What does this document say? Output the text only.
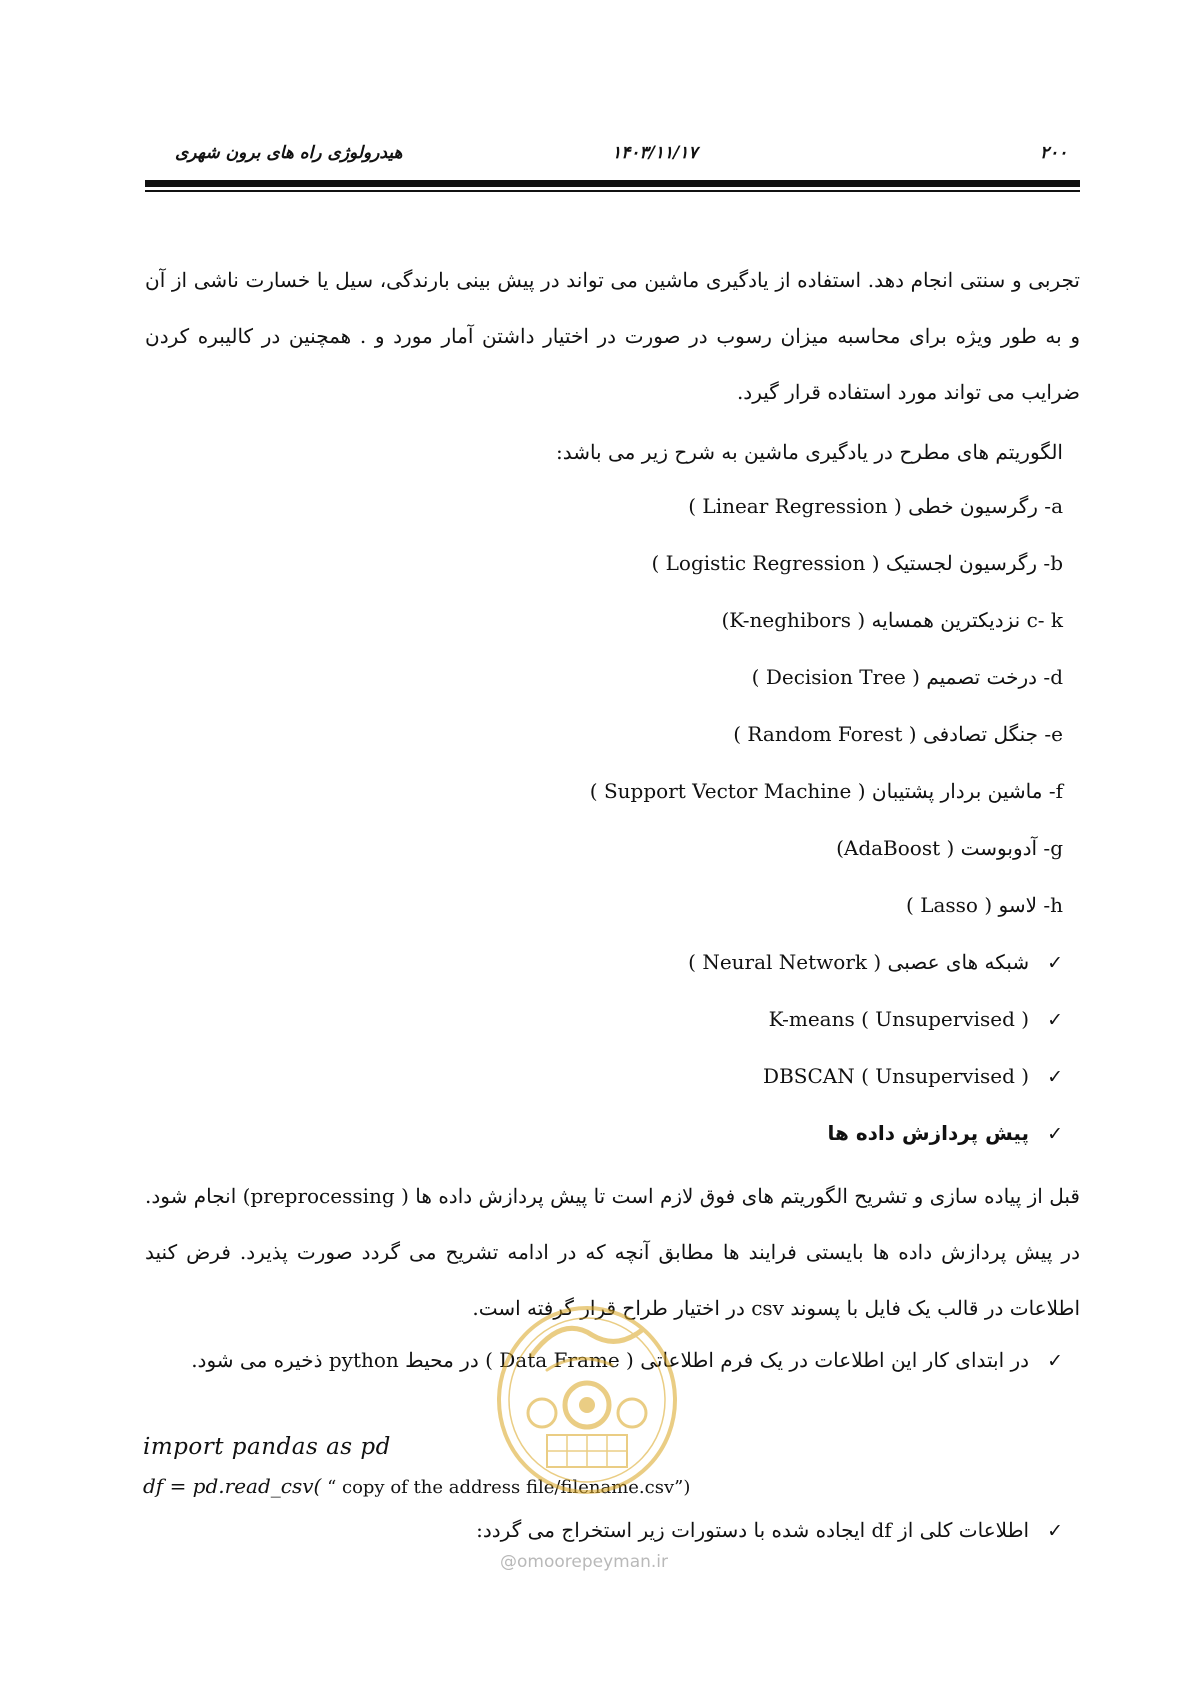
۲۰۰
۱۴۰۳/۱۱/۱۷
هیدرولوژی راه های برون شهری

تجربی و سنتی انجام دهد. استفاده از یادگیری ماشین می تواند در پیش بینی بارندگی، سیل یا خسارت ناشی از آن و به طور ویژه برای محاسبه میزان رسوب در صورت در اختیار داشتن آمار مورد و . همچنین در کالیبره کردن ضرایب می تواند مورد استفاده قرار گیرد.

الگوریتم های مطرح در یادگیری ماشین به شرح زیر می باشد:
a- رگرسیون خطی ( Linear Regression )
b- رگرسیون لجستیک ( Logistic Regression )
c- k نزدیکترین همسایه ( K-neghibors)
d- درخت تصمیم ( Decision Tree )
e- جنگل تصادفی ( Random Forest )
f- ماشین بردار پشتیبان ( Support Vector Machine )
g- آدوبوست ( AdaBoost)
h- لاسو ( Lasso )
✓شبکه های عصبی ( Neural Network )
✓K-means ( Unsupervised )
✓DBSCAN ( Unsupervised )
✓پیش پردازش داده ها

قبل از پیاده سازی و تشریح الگوریتم های فوق لازم است تا پیش پردازش داده ها ( preprocessing) انجام شود. در پیش پردازش داده ها بایستی فرایند ها مطابق آنچه که در ادامه تشریح می گردد صورت پذیرد. فرض کنید اطلاعات در قالب یک فایل با پسوند csv در اختیار طراح قرار گرفته است.

✓در ابتدای کار این اطلاعات در یک فرم اطلاعاتی ( Data Frame ) در محیط python ذخیره می شود.
import pandas as pd
df = pd.read_csv( “ copy of the address file/filename.csv”)
✓اطلاعات کلی از df ایجاده شده با دستورات زیر استخراج می گردد:
@omoorepeyman.ir
